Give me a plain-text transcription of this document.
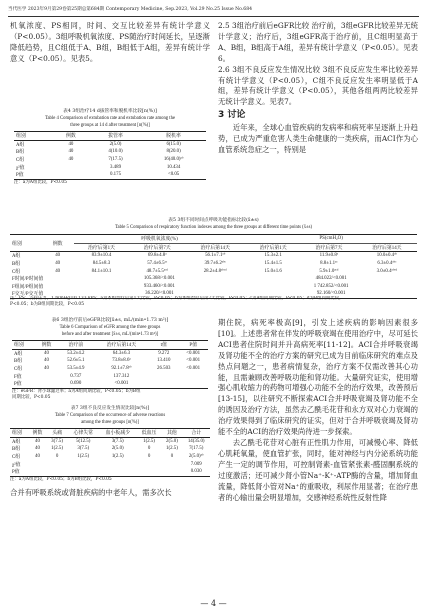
当代医学 2023年9月第29卷第25期总第684期 Contemporary Medicine, Sep.2023, Vol.29 No.25 Issue No.684

机氧浓度、PS相同，时间、交互比较差异有统计学意义（P<0.05）。3组呼吸机氧浓度、PS随治疗时间延长，呈逐渐降低趋势，且C组低于A、B组，B组低于A组，差异有统计学意义（P<0.05）。见表5。

表4 3组治疗14 d拔管率和脱机率比较[n(%)]
Table 4 Comparison of extubation rate and extubation rate among the
three groups at 14 d after treatment [n(%)]
组别	例数	拔管率	脱机率
A组	40	2(5.0)	6(15.0)
B组	40	4(10.0)	8(20.0)
C组	40	7(17.5)	16(40.0)ᵃᵇ
χ²值		3.489	10.434
P值		0.175	<0.05
注：a为A组比较，P<0.05

2.5 3组治疗前后eGFR比较 治疗前，3组eGFR比较差异无统计学意义；治疗后，3组eGFR高于治疗前，且C组明显高于A、B组，B组高于A组，差异有统计学意义（P<0.05）。见表6。

2.6 3组不良反应发生情况比较 3组不良反应发生率比较差异有统计学意义（P<0.05），C组不良反应发生率明显低于A组，差异有统计学意义（P<0.05），其他各组两两比较差异无统计学意义。见表7。

3 讨论

近年来，全球心血管疾病的发病率和病死率呈逐渐上升趋势，已成为严重危害人类生命健康的一类疾病，而ACI作为心血管系统急症之一，特别是

表5 3组不同时间点呼吸功能指标比较(x̄±s)
Table 5 Comparison of respiratory function indexes among the three groups at different time points (x̄±s)
组别	例数	呼吸机氧浓度(%)			PS(cmH₂O)		
		治疗后第1天	治疗后第7天	治疗后第14天	治疗后第1天	治疗后第7天	治疗后第14天
A组	40	83.9±10.4	69.8±4.8ᵃ	56.1±7.1ᵃᵇ	15.3±2.1	11.9±0.8ᵃ	10.0±0.4ᵃᵇ
B组	40	84.5±8.3	57.4±6.5ᵃᶜ	39.7±6.2ᵃᵇᶜ	15.4±1.5	8.8±1.1ᵃᶜ	6.3±0.4ᵃᵇᶜ
C组	40	84.1±10.1	48.7±5.5ᵃᶜᵈ	28.2±4.8ᵃᵇᶜᵈ	15.0±1.6	5.9±1.0ᵃᶜᵈ	3.0±0.4ᵃᵇᶜᵈ
F时间/P时间值		105.368/<0.001			484.022/<0.001		
F组间/P组间值		933.460/<0.001			1 742.852/<0.001		
F交互/P交互值		36.220/<0.001			92.160/<0.001		
注：PS：支持压力，1 mmHg=0.133 kPa；a为本组治疗后第1天比较，P<0.05；b为本组治疗后第7天比较，P<0.05；c为A组同期比较，P<0.05；d为B组同期比较，
P<0.05；b为B组同期比较，P<0.05
表6 3组治疗前后eGFR比较[x̄±s, mL/(min•1.73 m²)]
Table 6 Comparison of eGFR among the three groups
before and after treatment [x̄±s, mL/(min•1.73 m²)]
组别	例数	治疗前	治疗后第14天	t值	P值
A组	40	53.2±4.2	64.3±6.3	9.272	<0.001
B组	40	52.6±5.1	73.8±8.6ᵃ	13.410	<0.001
C组	40	53.5±4.9	92.1±7.8ᵃᵇ	26.503	<0.001
F值		0.737	137.312		
P值		0.690	<0.001		
注：eGFR：肾小球滤过率；a为A组同期比较，P<0.05；b为B组
同期比较，P<0.05
表7 3组不良反应发生情况比较[n(%)]
Table 7 Comparison of the occurrence of adverse reactions
among the three groups [n(%)]
组别	例数	头痛	心律失常	血小板减少	低血压	其他	合计
A组	40	3(7.5)	5(12.5)	3(7.5)	1(2.5)	2(5.0)	14(35.0)
B组	40	1(2.5)	3(7.5)	2(5.0)	0	1(2.5)	7(17.5)
C组	40	0	1(2.5)	1(2.5)	0	0	2(5.0)ᵃᵇ
χ²值							7.009
P值							0.030
注：a为A组比较，P<0.05；b为B组比较，P<0.05

合并有呼吸系统或肾脏疾病的中老年人，需多次长

期住院，病死率极高[9]，引发上述疾病的影响因素很多[10]。上述患者常在伴发的呼吸衰竭在使用治疗中，尽可延长ACI患者住院时间并升高病死率[11-12]。ACI合并呼吸衰竭及肾功能不全的治疗方案的研究已成为目前临床研究的难点及热点问题之一，患者病情复杂，治疗方案不仅需改善其心功能，且需兼顾改善呼吸功能和肾功能。大量研究证实，使用增强心肌收缩力的药物可增强心功能不全的治疗效果，改善预后[13-15]，以往研究不断探索ACI合并呼吸衰竭及肾功能不全的诱因及治疗方法，虽然去乙酰毛花苷和永方双对心力衰竭的治疗效果得到了临床研究的证实，但对于合并呼吸衰竭及肾功能不全的ACI的治疗效果尚待进一步探索。

去乙酰毛花苷对心脏有正性肌力作用，可减慢心率、降低心肌耗氧量，使血管扩张，同时，能对神经与内分泌系统功能产生一定的调节作用，可控制肾素-血管紧张素-醛固酮系统的过度激活；还可减少肾小管Na⁺-K⁺-ATP酶的含量，增加肾血流量，降低肾小管对Na⁺的重吸收，利尿作用显著；在治疗患者的心输出量会明显增加，交感神经系统性反射性降

— 4 —
